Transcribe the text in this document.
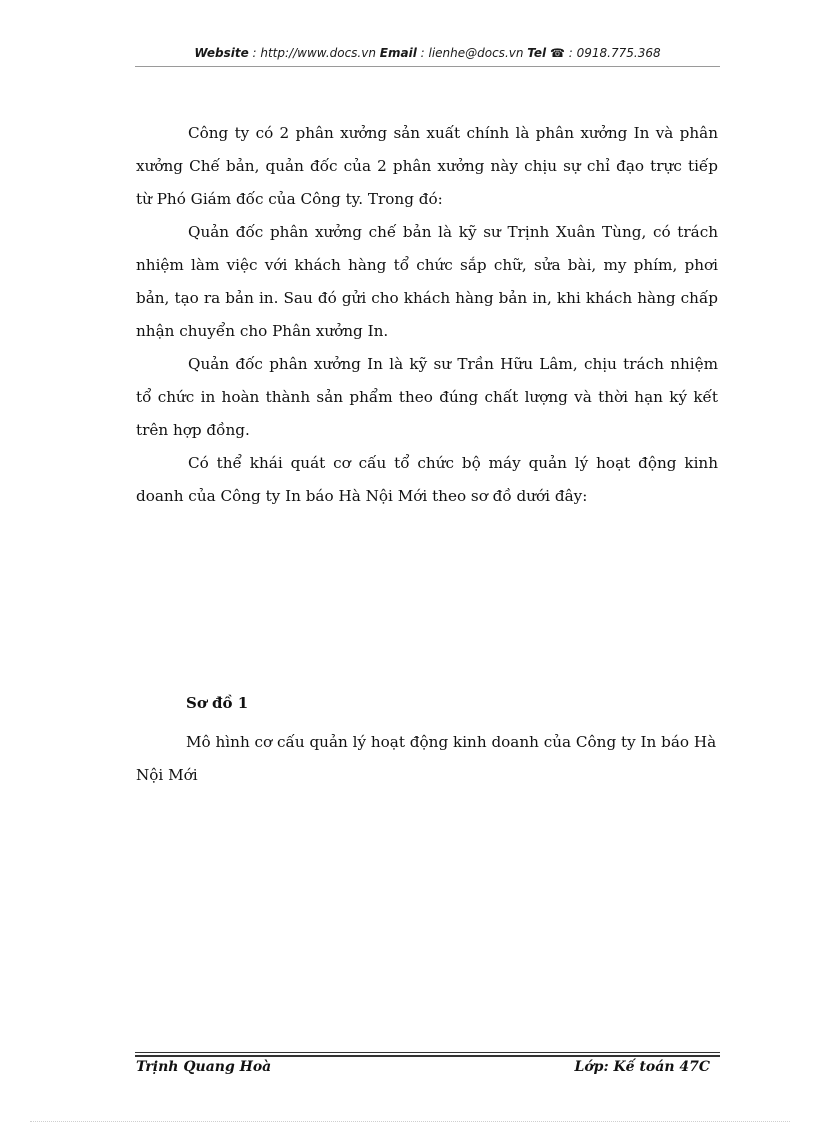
Website : http://www.docs.vn Email : lienhe@docs.vn Tel ☎ : 0918.775.368

Công ty có 2 phân xưởng sản xuất chính là phân xưởng In và phân xưởng Chế bản, quản đốc của 2 phân xưởng này chịu sự chỉ đạo trực tiếp từ Phó Giám đốc của Công ty. Trong đó:

Quản đốc phân xưởng chế bản là kỹ sư Trịnh Xuân Tùng, có trách nhiệm làm việc với khách hàng tổ chức sắp chữ, sửa bài, my phím, phơi bản, tạo ra bản in. Sau đó gửi cho khách hàng bản in, khi khách hàng chấp nhận chuyển cho Phân xưởng In.

Quản đốc phân xưởng In là kỹ sư Trần Hữu Lâm, chịu trách nhiệm tổ chức in hoàn thành sản phẩm theo đúng chất lượng và thời hạn ký kết trên hợp đồng.

Có thể khái quát cơ cấu tổ chức bộ máy quản lý hoạt động kinh doanh của Công ty In báo Hà Nội Mới theo sơ đồ dưới đây:

Sơ đồ 1

Mô hình cơ cấu quản lý hoạt động kinh doanh của Công ty In báo Hà Nội Mới

Trịnh Quang Hoà	Lớp: Kế toán 47C
